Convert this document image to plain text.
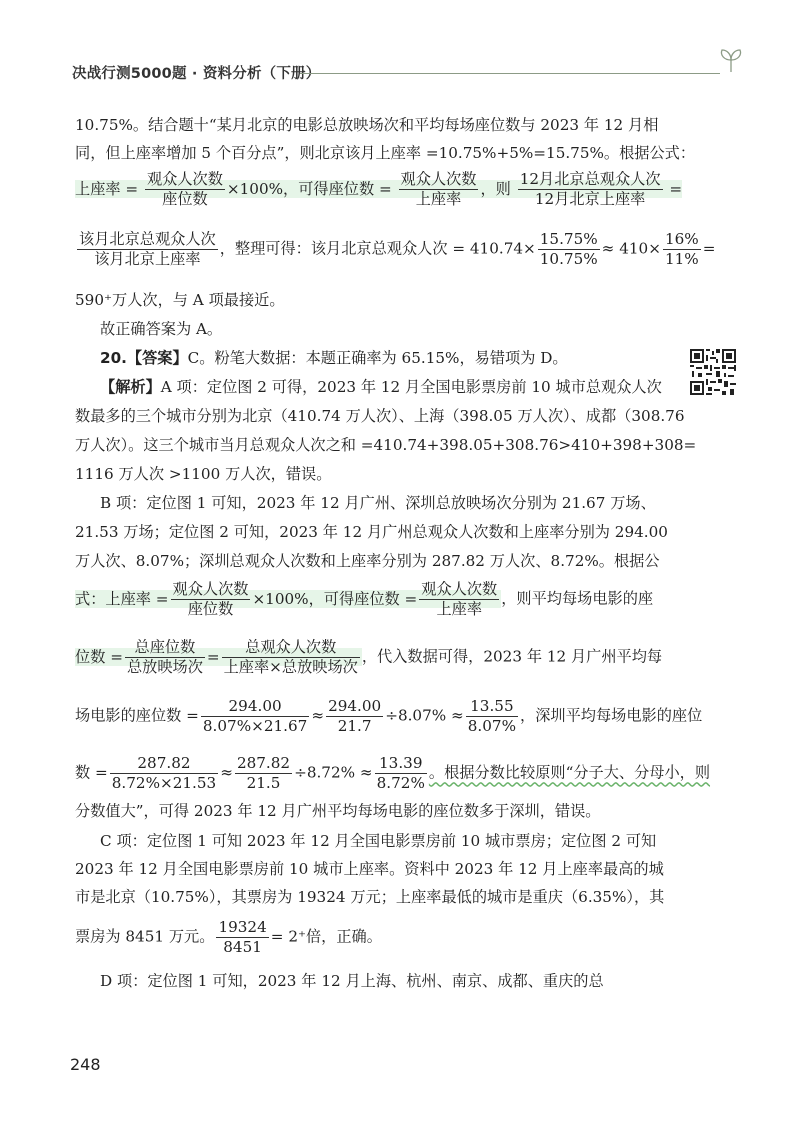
决战行测5000题 · 资料分析（下册）
10.75%。结合题十“某月北京的电影总放映场次和平均每场座位数与 2023 年 12 月相
同，但上座率增加 5 个百分点”，则北京该月上座率 =10.75%+5%=15.75%。根据公式：
上座率 = $\frac{\text{观众人次数}}{\text{座位数}} \times 100\%$，可得座位数 = $\frac{\text{观众人次数}}{\text{上座率}}$ ，则 $\frac{\text{12月北京总观众人次}}{\text{12月北京上座率}}$ =
$\frac{\text{该月北京总观众人次}}{\text{该月北京上座率}}$ ，整理可得：该月北京总观众人次 = $410.74\times \frac{15.75\%}{10.75\%} \approx 410\times \frac{16\%}{11\%}$ =
590⁺万人次，与 A 项最接近。
故正确答案为 A。
20.【答案】C。粉笔大数据：本题正确率为 65.15%，易错项为 D。
【解析】A 项：定位图 2 可得，2023 年 12 月全国电影票房前 10 城市总观众人次
数最多的三个城市分别为北京（410.74 万人次）、上海（398.05 万人次）、成都（308.76
万人次）。这三个城市当月总观众人次之和 =410.74+398.05+308.76>410+398+308=
1116 万人次 >1100 万人次，错误。
B 项：定位图 1 可知，2023 年 12 月广州、深圳总放映场次分别为 21.67 万场、
21.53 万场；定位图 2 可知，2023 年 12 月广州总观众人次数和上座率分别为 294.00
万人次、8.07%；深圳总观众人次数和上座率分别为 287.82 万人次、8.72%。根据公
式：上座率 = $\frac{\text{观众人次数}}{\text{座位数}} \times 100\%$，可得座位数 = $\frac{\text{观众人次数}}{\text{上座率}}$ ，则平均每场电影的座
位数 = $\frac{\text{总座位数}}{\text{总放映场次}} = \frac{\text{总观众人次数}}{\text{上座率×总放映场次}}$ ，代入数据可得，2023 年 12 月广州平均每
场电影的座位数 = $\frac{294.00}{8.07\%\times 21.67} \approx \frac{294.00}{21.7} \div 8.07\% \approx \frac{13.55}{8.07\%}$ ，深圳平均每场电影的座位
数 = $\frac{287.82}{8.72\%\times 21.53} \approx \frac{287.82}{21.5} \div 8.72\% \approx \frac{13.39}{8.72\%}$ 。根据分数比较原则“分子大、分母小，则
分数值大”，可得 2023 年 12 月广州平均每场电影的座位数多于深圳，错误。
C 项：定位图 1 可知 2023 年 12 月全国电影票房前 10 城市票房；定位图 2 可知
2023 年 12 月全国电影票房前 10 城市上座率。资料中 2023 年 12 月上座率最高的城
市是北京（10.75%），其票房为 19324 万元；上座率最低的城市是重庆（6.35%），其
票房为 8451 万元。 $\frac{19324}{8451} = 2^+$倍，正确。
D 项：定位图 1 可知，2023 年 12 月上海、杭州、南京、成都、重庆的总
248
